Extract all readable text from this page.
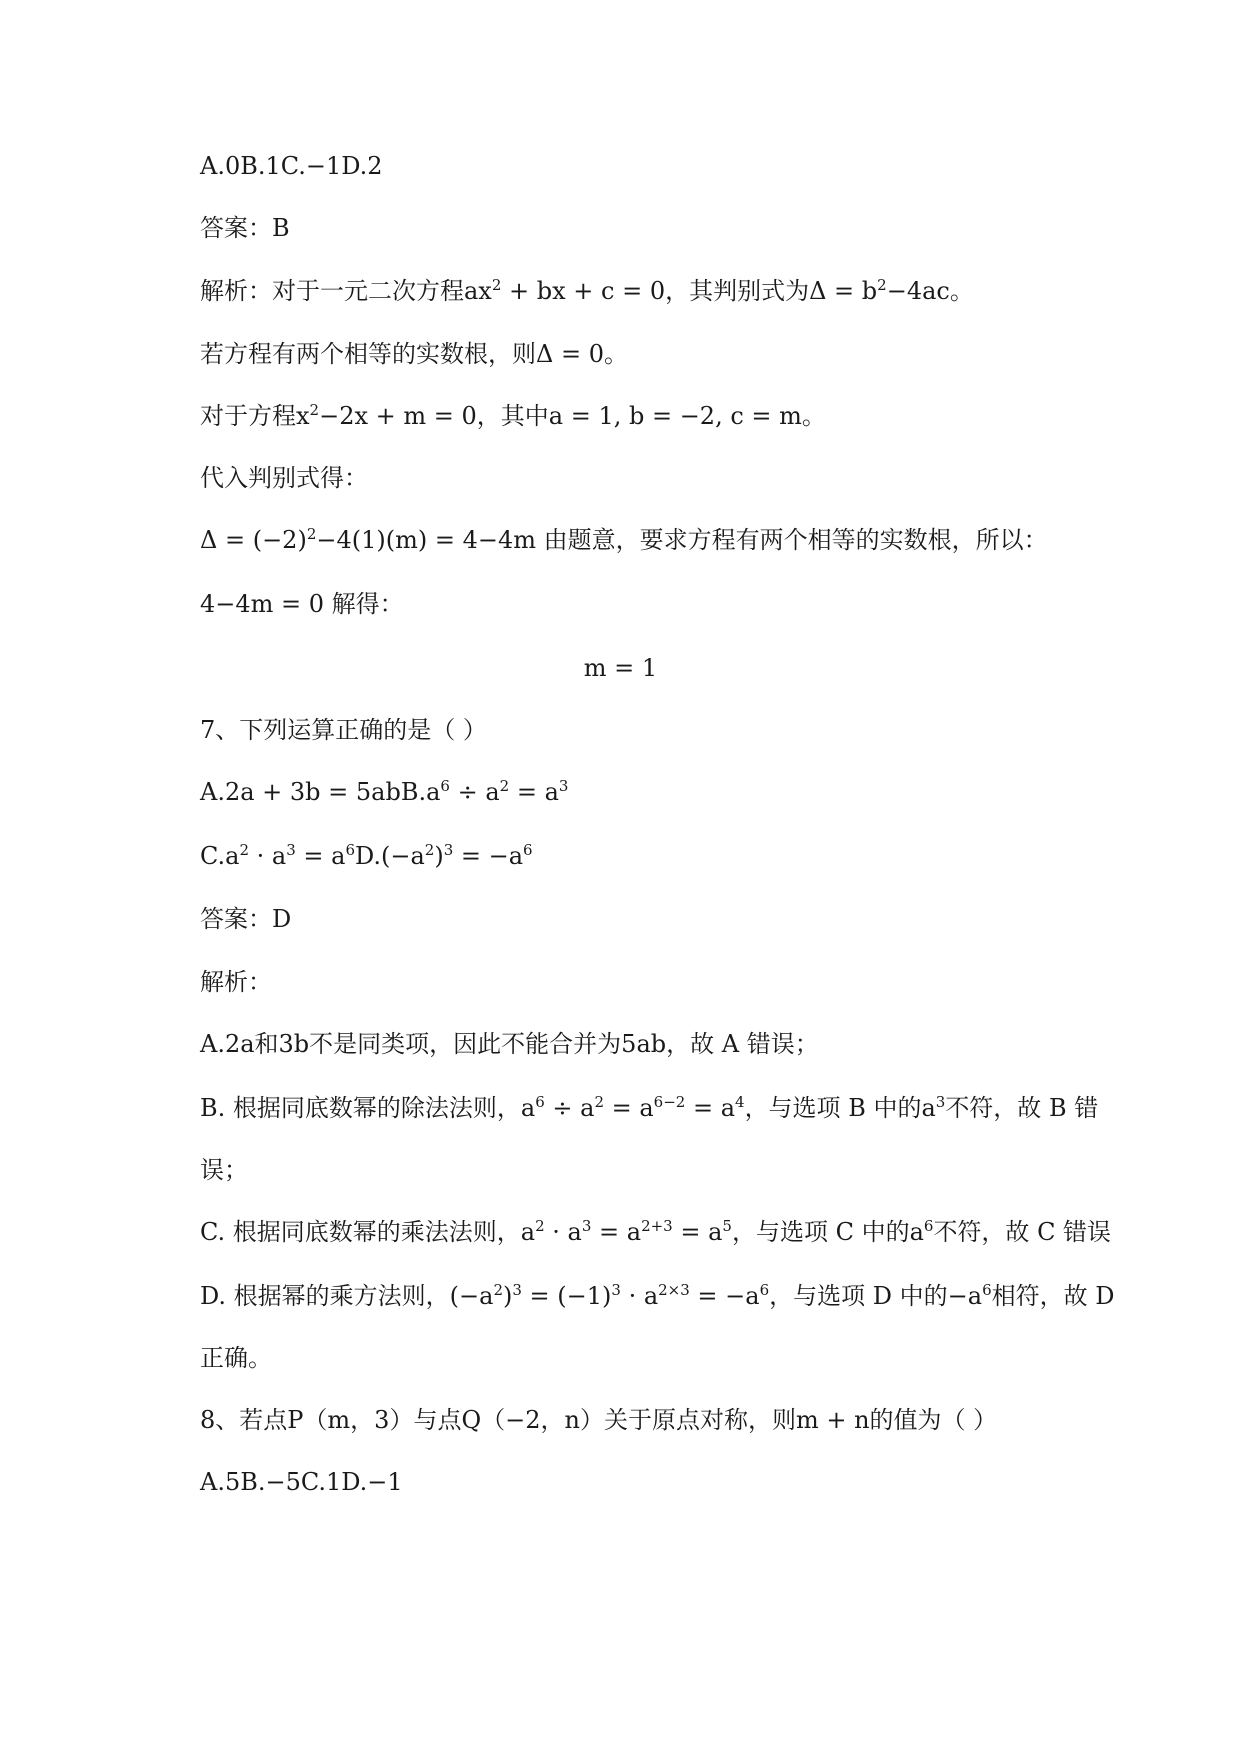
A.0B.1C.−1D.2
答案：B
解析：对于一元二次方程$ax^2$ + bx + c = 0，其判别式为$\Delta = b^2-4ac$。
若方程有两个相等的实数根，则Δ = 0。
对于方程$x^2-2x + m = 0$，其中a = 1, b = −2, c = m。
代入判别式得：
$\Delta = (-2)^2-4(1)(m) = 4-4m$ 由题意，要求方程有两个相等的实数根，所以：
4−4m = 0 解得：
m = 1
7、下列运算正确的是（ ）
$A.2a + 3b = 5abB.a^6 \div a^2 = a^3$
$C.a^2 \cdot a^3 = a^6D.(-a^2)^3 = -a^6$
答案：D
解析：
A.2a和3b不是同类项，因此不能合并为5ab，故 A 错误；
B. 根据同底数幂的除法法则，$a^6 \div a^2 = a^{6-2} = a^4$，与选项 B 中的$a^3$不符，故 B 错
误；
C. 根据同底数幂的乘法法则，$a^2 \cdot a^3 = a^{2+3} = a^5$，与选项 C 中的$a^6$不符，故 C 错误
D. 根据幂的乘方法则，$(-a^2)^3 = (-1)^3 \cdot a^{2\times 3} = -a^6$，与选项 D 中的$-a^6$相符，故 D
正确。
8、若点P（m，3）与点Q（−2，n）关于原点对称，则m + n的值为（ ）
A.5B.−5C.1D.−1
